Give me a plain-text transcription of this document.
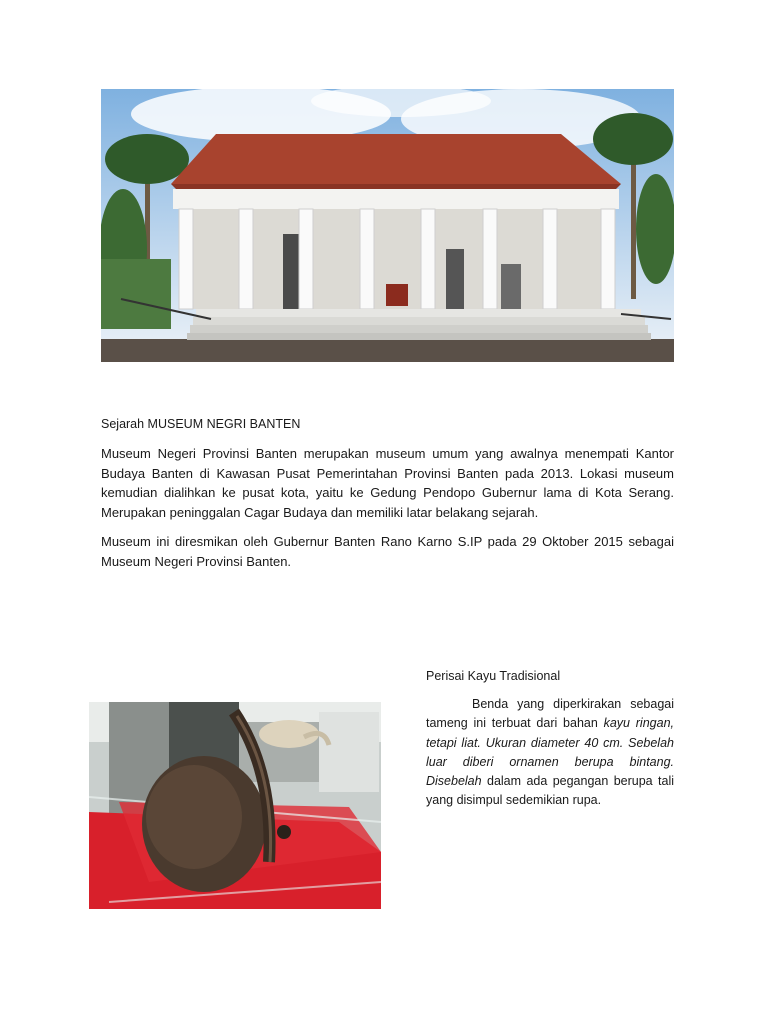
Sejarah MUSEUM NEGRI BANTEN

Museum Negeri Provinsi Banten merupakan museum umum yang awalnya menempati Kantor Budaya Banten di Kawasan Pusat Pemerintahan Provinsi Banten pada 2013. Lokasi museum kemudian dialihkan ke pusat kota, yaitu ke Gedung Pendopo Gubernur lama di Kota Serang. Merupakan peninggalan Cagar Budaya dan memiliki latar belakang sejarah.

Museum ini diresmikan oleh Gubernur Banten Rano Karno S.IP pada 29 Oktober 2015 sebagai Museum Negeri Provinsi Banten.

Perisai Kayu Tradisional

Benda yang diperkirakan sebagai tameng ini terbuat dari bahan kayu ringan, tetapi liat. Ukuran diameter 40 cm. Sebelah luar diberi ornamen berupa bintang. Disebelah dalam ada pegangan berupa tali yang disimpul sedemikian rupa.
